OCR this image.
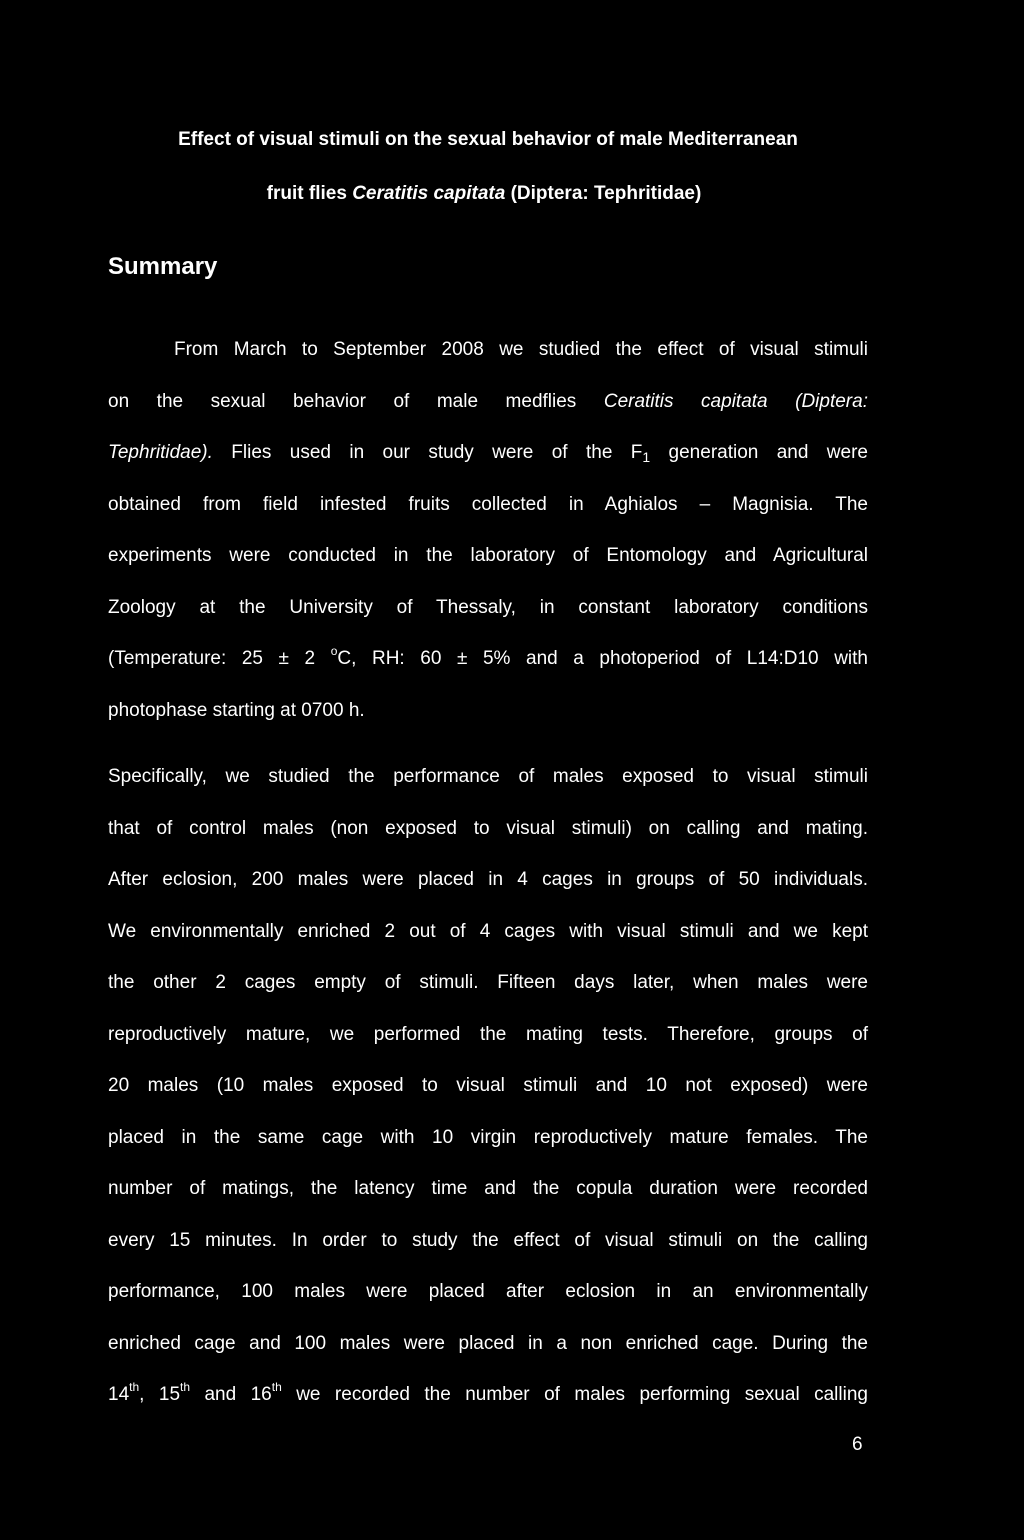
Effect of visual stimuli on the sexual behavior of male Mediterranean

fruit flies Ceratitis capitata (Diptera: Tephritidae)

Summary
From March to September 2008 we studied the effect of visual stimuli
on the sexual behavior of male medflies Ceratitis capitata (Diptera:
Tephritidae). Flies used in our study were of the $F_1$ generation and were
obtained from field infested fruits collected in Aghialos – Magnisia. The
experiments were conducted in the laboratory of Entomology and Agricultural
Zoology at the University of Thessaly, in constant laboratory conditions
(Temperature: 25 ± 2 $^o$C, RH: 60 ± 5% and a photoperiod of L14:D10 with
photophase starting at 0700 h.
Specifically, we studied the performance of males exposed to visual stimuli
that of control males (non exposed to visual stimuli) on calling and mating.
After eclosion, 200 males were placed in 4 cages in groups of 50 individuals.
We environmentally enriched 2 out of 4 cages with visual stimuli and we kept
the other 2 cages empty of stimuli. Fifteen days later, when males were
reproductively mature, we performed the mating tests. Therefore, groups of
20 males (10 males exposed to visual stimuli and 10 not exposed) were
placed in the same cage with 10 virgin reproductively mature females. The
number of matings, the latency time and the copula duration were recorded
every 15 minutes. In order to study the effect of visual stimuli on the calling
performance, 100 males were placed after eclosion in an environmentally
enriched cage and 100 males were placed in a non enriched cage. During the
14th, 15th and 16th we recorded the number of males performing sexual calling
6
